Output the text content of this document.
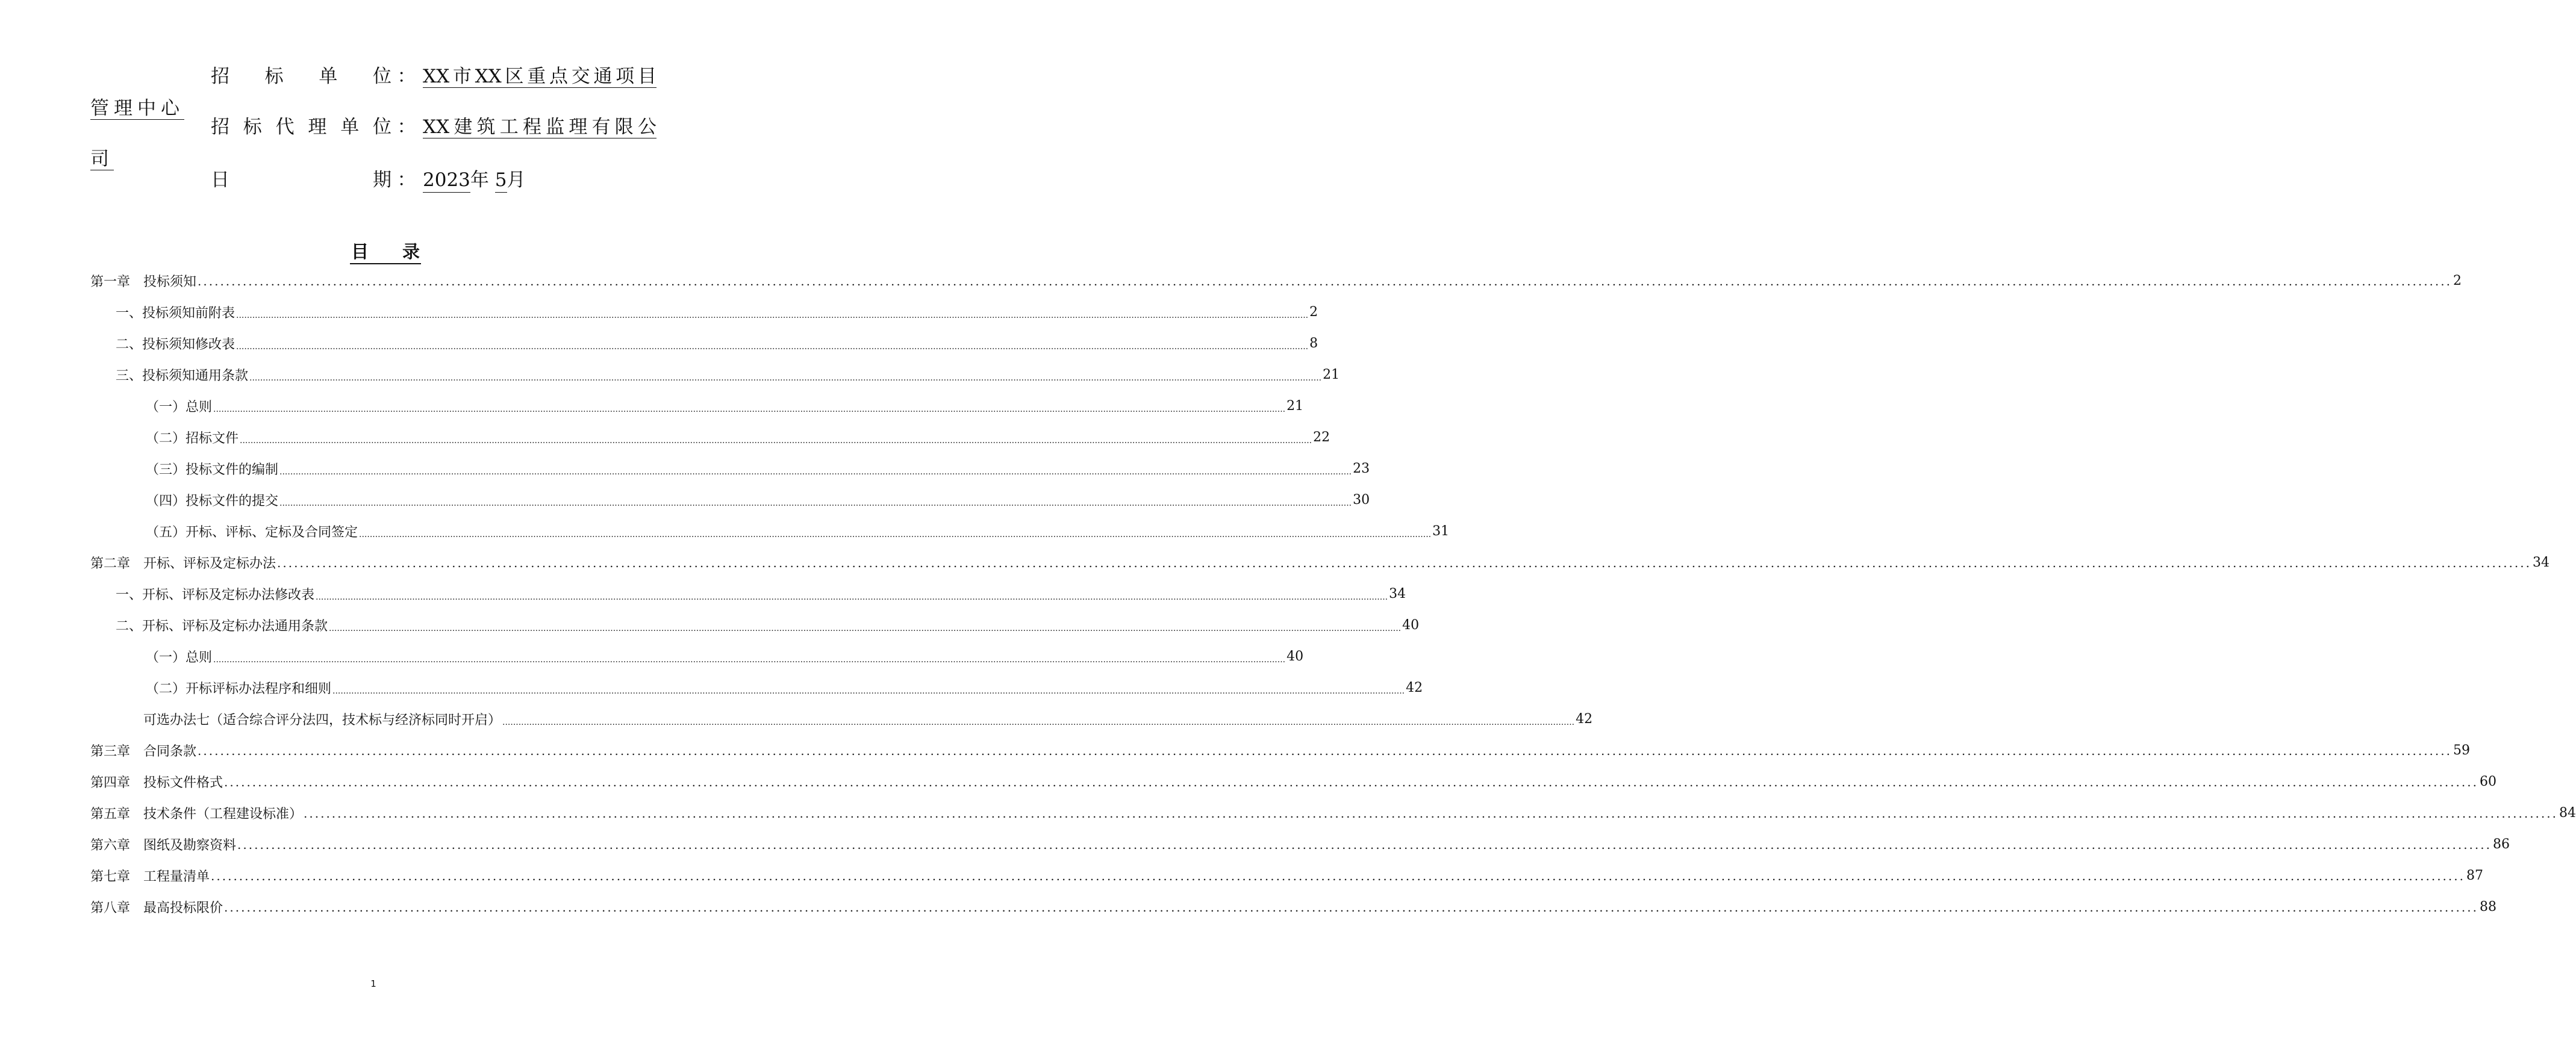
招 标 单 位 ： XX 市 XX 区 重 点 交 通 项 目
管理中心
招 标 代 理 单 位 ： XX 建 筑 工 程 监 理 有 限 公
司
日	期 ： 2023年 5月
目 录
第一章　投标须知 ................................................................................................................................................................................................................................................................................................................................................................................................................ 2
一、投标须知前附表 ................................................................................................................................................................................................................................................................................................................................................................................................................ 2
二、投标须知修改表 ................................................................................................................................................................................................................................................................................................................................................................................................................ 8
三、投标须知通用条款 ................................................................................................................................................................................................................................................................................................................................................................................................................ 21
（一）总则 ................................................................................................................................................................................................................................................................................................................................................................................................................ 21
（二）招标文件 ................................................................................................................................................................................................................................................................................................................................................................................................................ 22
（三）投标文件的编制 ................................................................................................................................................................................................................................................................................................................................................................................................................ 23
（四）投标文件的提交 ................................................................................................................................................................................................................................................................................................................................................................................................................ 30
（五）开标、评标、定标及合同签定 ................................................................................................................................................................................................................................................................................................................................................................................................................ 31
第二章　开标、评标及定标办法 ................................................................................................................................................................................................................................................................................................................................................................................................................ 34
一、开标、评标及定标办法修改表 ................................................................................................................................................................................................................................................................................................................................................................................................................ 34
二、开标、评标及定标办法通用条款 ................................................................................................................................................................................................................................................................................................................................................................................................................ 40
（一）总则 ................................................................................................................................................................................................................................................................................................................................................................................................................ 40
（二）开标评标办法程序和细则 ................................................................................................................................................................................................................................................................................................................................................................................................................ 42
可选办法七（适合综合评分法四，技术标与经济标同时开启） ................................................................................................................................................................................................................................................................................................................................................................................................................ 42
第三章　合同条款 ................................................................................................................................................................................................................................................................................................................................................................................................................ 59
第四章　投标文件格式 ................................................................................................................................................................................................................................................................................................................................................................................................................ 60
第五章　技术条件（工程建设标准） ................................................................................................................................................................................................................................................................................................................................................................................................................ 84
第六章　图纸及勘察资料 ................................................................................................................................................................................................................................................................................................................................................................................................................ 86
第七章　工程量清单 ................................................................................................................................................................................................................................................................................................................................................................................................................ 87
第八章　最高投标限价 ................................................................................................................................................................................................................................................................................................................................................................................................................ 88
1
